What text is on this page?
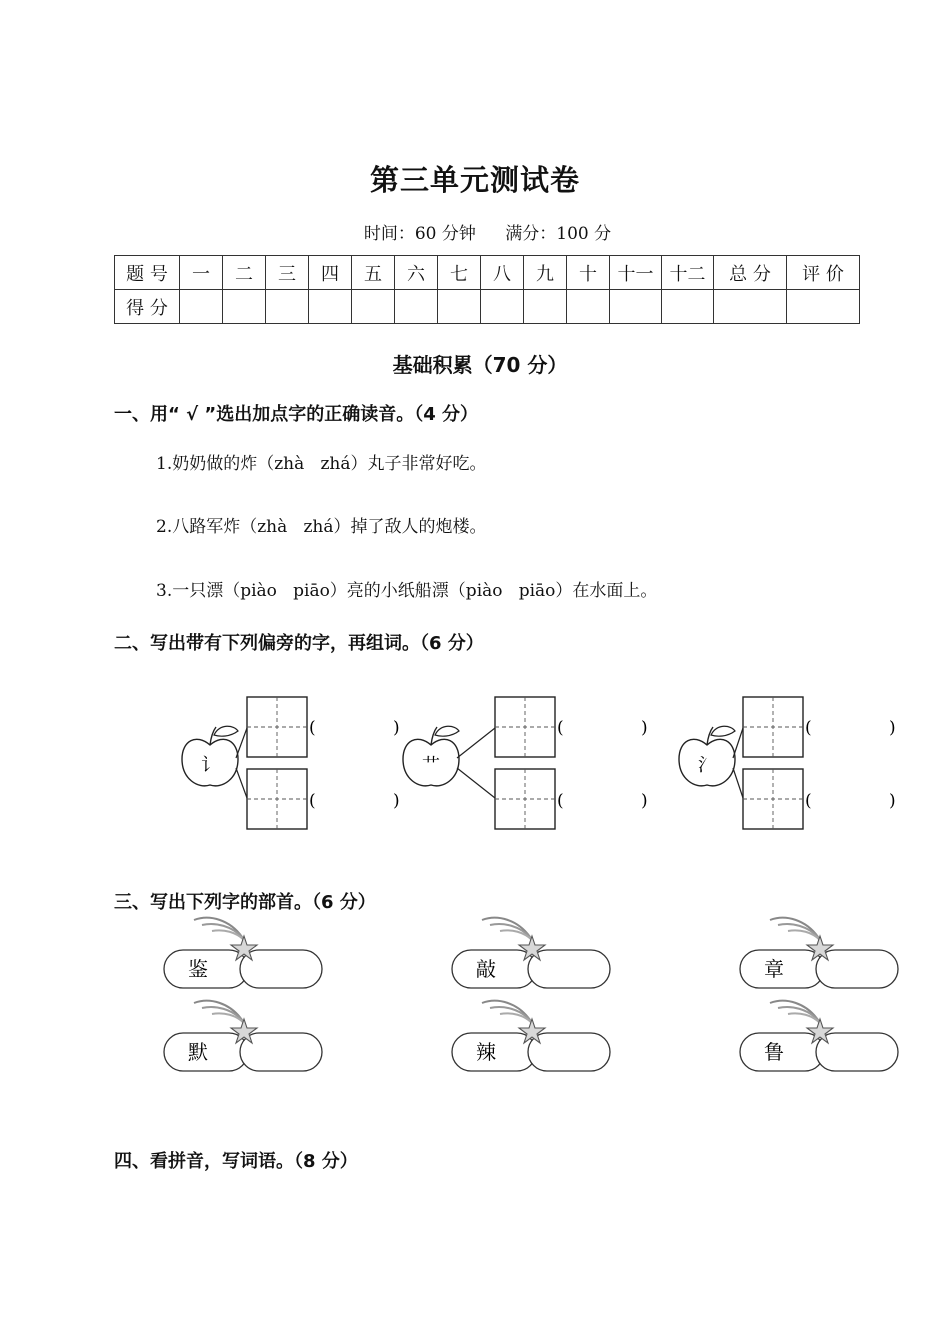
第三单元测试卷
时间：60 分钟 满分：100 分
题 号	一	二	三	四	五	六	七	八	九	十	十一	十二	总 分	评 价
得 分														
基础积累（70 分）
一、用“ √ ”选出加点字的正确读音。（4 分）
1.奶奶做的炸（zhà   zhá）丸子非常好吃。
2.八路军炸（zhà   zhá）掉了敌人的炮楼。
3.一只漂（piào   piāo）亮的小纸船漂（piào   piāo）在水面上。
二、写出带有下列偏旁的字，再组词。（6 分）
三、写出下列字的部首。（6 分）
四、看拼音，写词语。（8 分）
讠
(	)
(	)
艹
(	)
(	)
氵
(	)
(	)
鉴	敲	章
默	辣	鲁
